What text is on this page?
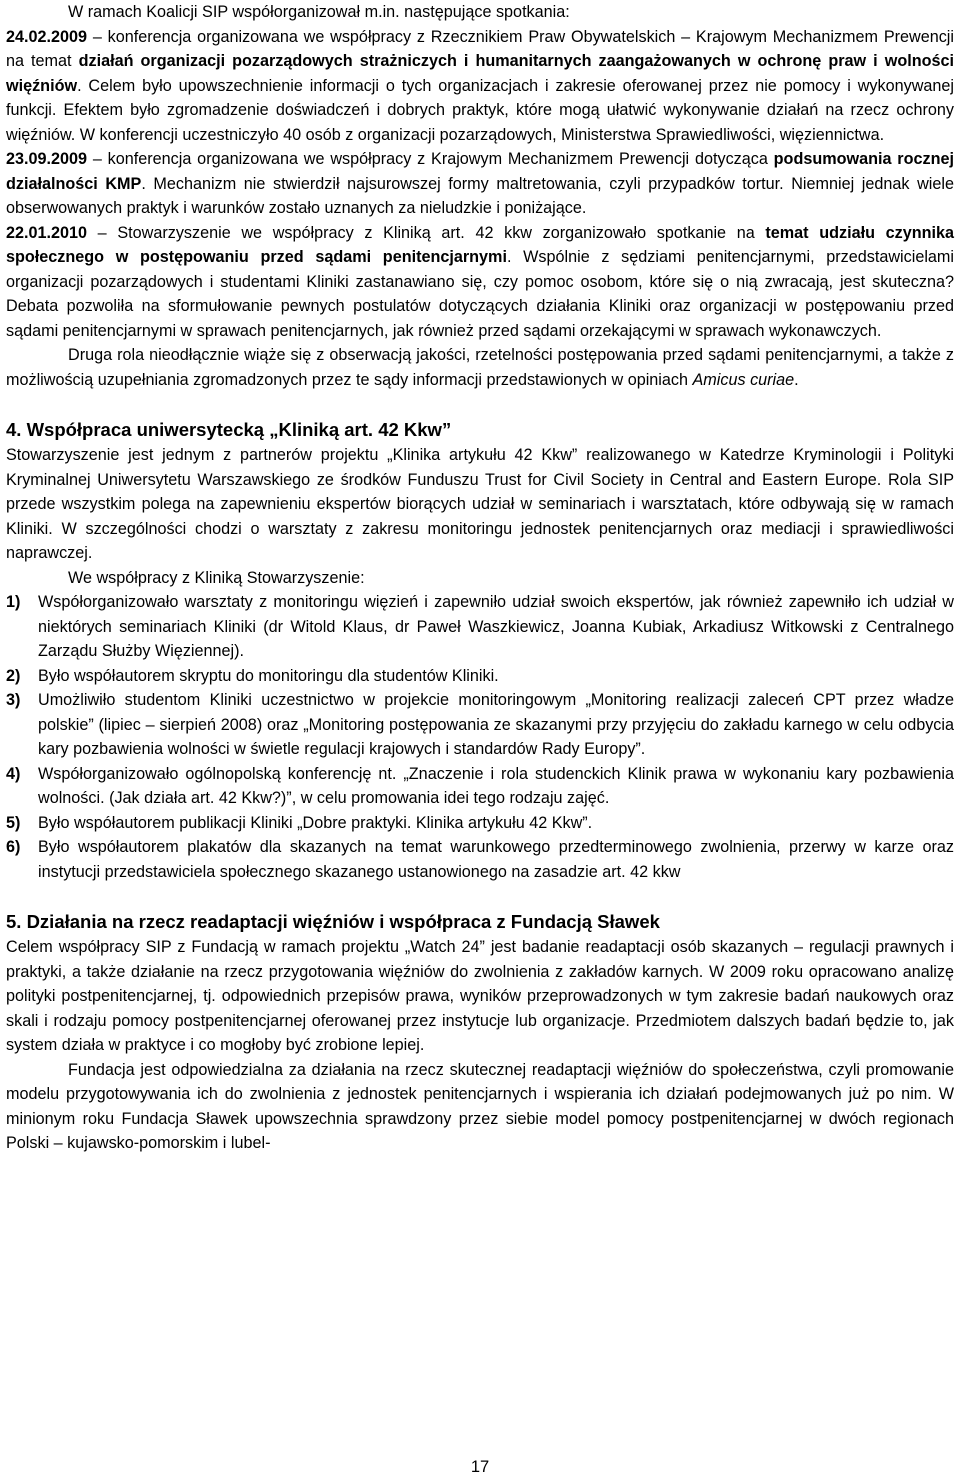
W ramach Koalicji SIP współorganizował m.in. następujące spotkania:

24.02.2009 – konferencja organizowana we współpracy z Rzecznikiem Praw Obywatelskich – Krajowym Mechanizmem Prewencji na temat działań organizacji pozarządowych strażniczych i humanitarnych zaangażowanych w ochronę praw i wolności więźniów. Celem było upowszechnienie informacji o tych organizacjach i zakresie oferowanej przez nie pomocy i wykonywanej funkcji. Efektem było zgromadzenie doświadczeń i dobrych praktyk, które mogą ułatwić wykonywanie działań na rzecz ochrony więźniów. W konferencji uczestniczyło 40 osób z organizacji pozarządowych, Ministerstwa Sprawiedliwości, więziennictwa.

23.09.2009 – konferencja organizowana we współpracy z Krajowym Mechanizmem Prewencji dotycząca podsumowania rocznej działalności KMP. Mechanizm nie stwierdził najsurowszej formy maltretowania, czyli przypadków tortur. Niemniej jednak wiele obserwowanych praktyk i warunków zostało uznanych za nieludzkie i poniżające.

22.01.2010 – Stowarzyszenie we współpracy z Kliniką art. 42 kkw zorganizowało spotkanie na temat udziału czynnika społecznego w postępowaniu przed sądami penitencjarnymi. Wspólnie z sędziami penitencjarnymi, przedstawicielami organizacji pozarządowych i studentami Kliniki zastanawiano się, czy pomoc osobom, które się o nią zwracają, jest skuteczna? Debata pozwoliła na sformułowanie pewnych postulatów dotyczących działania Kliniki oraz organizacji w postępowaniu przed sądami penitencjarnymi w sprawach penitencjarnych, jak również przed sądami orzekającymi w sprawach wykonawczych.

Druga rola nieodłącznie wiąże się z obserwacją jakości, rzetelności postępowania przed sądami penitencjarnymi, a także z możliwością uzupełniania zgromadzonych przez te sądy informacji przedstawionych w opiniach Amicus curiae.

4. Współpraca uniwersytecką „Kliniką art. 42 Kkw”

Stowarzyszenie jest jednym z partnerów projektu „Klinika artykułu 42 Kkw” realizowanego w Katedrze Kryminologii i Polityki Kryminalnej Uniwersytetu Warszawskiego ze środków Funduszu Trust for Civil Society in Central and Eastern Europe. Rola SIP przede wszystkim polega na zapewnieniu ekspertów biorących udział w seminariach i warsztatach, które odbywają się w ramach Kliniki. W szczególności chodzi o warsztaty z zakresu monitoringu jednostek penitencjarnych oraz mediacji i sprawiedliwości naprawczej.

We współpracy z Kliniką Stowarzyszenie:

1) Współorganizowało warsztaty z monitoringu więzień i zapewniło udział swoich ekspertów, jak również zapewniło ich udział w niektórych seminariach Kliniki (dr Witold Klaus, dr Paweł Waszkiewicz, Joanna Kubiak, Arkadiusz Witkowski z Centralnego Zarządu Służby Więziennej).
2) Było współautorem skryptu do monitoringu dla studentów Kliniki.
3) Umożliwiło studentom Kliniki uczestnictwo w projekcie monitoringowym „Monitoring realizacji zaleceń CPT przez władze polskie” (lipiec – sierpień 2008) oraz „Monitoring postępowania ze skazanymi przy przyjęciu do zakładu karnego w celu odbycia kary pozbawienia wolności w świetle regulacji krajowych i standardów Rady Europy”.
4) Współorganizowało ogólnopolską konferencję nt. „Znaczenie i rola studenckich Klinik prawa w wykonaniu kary pozbawienia wolności. (Jak działa art. 42 Kkw?)”, w celu promowania idei tego rodzaju zajęć.
5) Było współautorem publikacji Kliniki „Dobre praktyki. Klinika artykułu 42 Kkw”.
6) Było współautorem plakatów dla skazanych na temat warunkowego przedterminowego zwolnienia, przerwy w karze oraz instytucji przedstawiciela społecznego skazanego ustanowionego na zasadzie art. 42 kkw
5. Działania na rzecz readaptacji więźniów i współpraca z Fundacją Sławek

Celem współpracy SIP z Fundacją w ramach projektu „Watch 24” jest badanie readaptacji osób skazanych – regulacji prawnych i praktyki, a także działanie na rzecz przygotowania więźniów do zwolnienia z zakładów karnych. W 2009 roku opracowano analizę polityki postpenitencjarnej, tj. odpowiednich przepisów prawa, wyników przeprowadzonych w tym zakresie badań naukowych oraz skali i rodzaju pomocy postpenitencjarnej oferowanej przez instytucje lub organizacje. Przedmiotem dalszych badań będzie to, jak system działa w praktyce i co mogłoby być zrobione lepiej.

Fundacja jest odpowiedzialna za działania na rzecz skutecznej readaptacji więźniów do społeczeństwa, czyli promowanie modelu przygotowywania ich do zwolnienia z jednostek penitencjarnych i wspierania ich działań podejmowanych już po nim. W minionym roku Fundacja Sławek upowszechnia sprawdzony przez siebie model pomocy postpenitencjarnej w dwóch regionach Polski – kujawsko-pomorskim i lubel-

17
